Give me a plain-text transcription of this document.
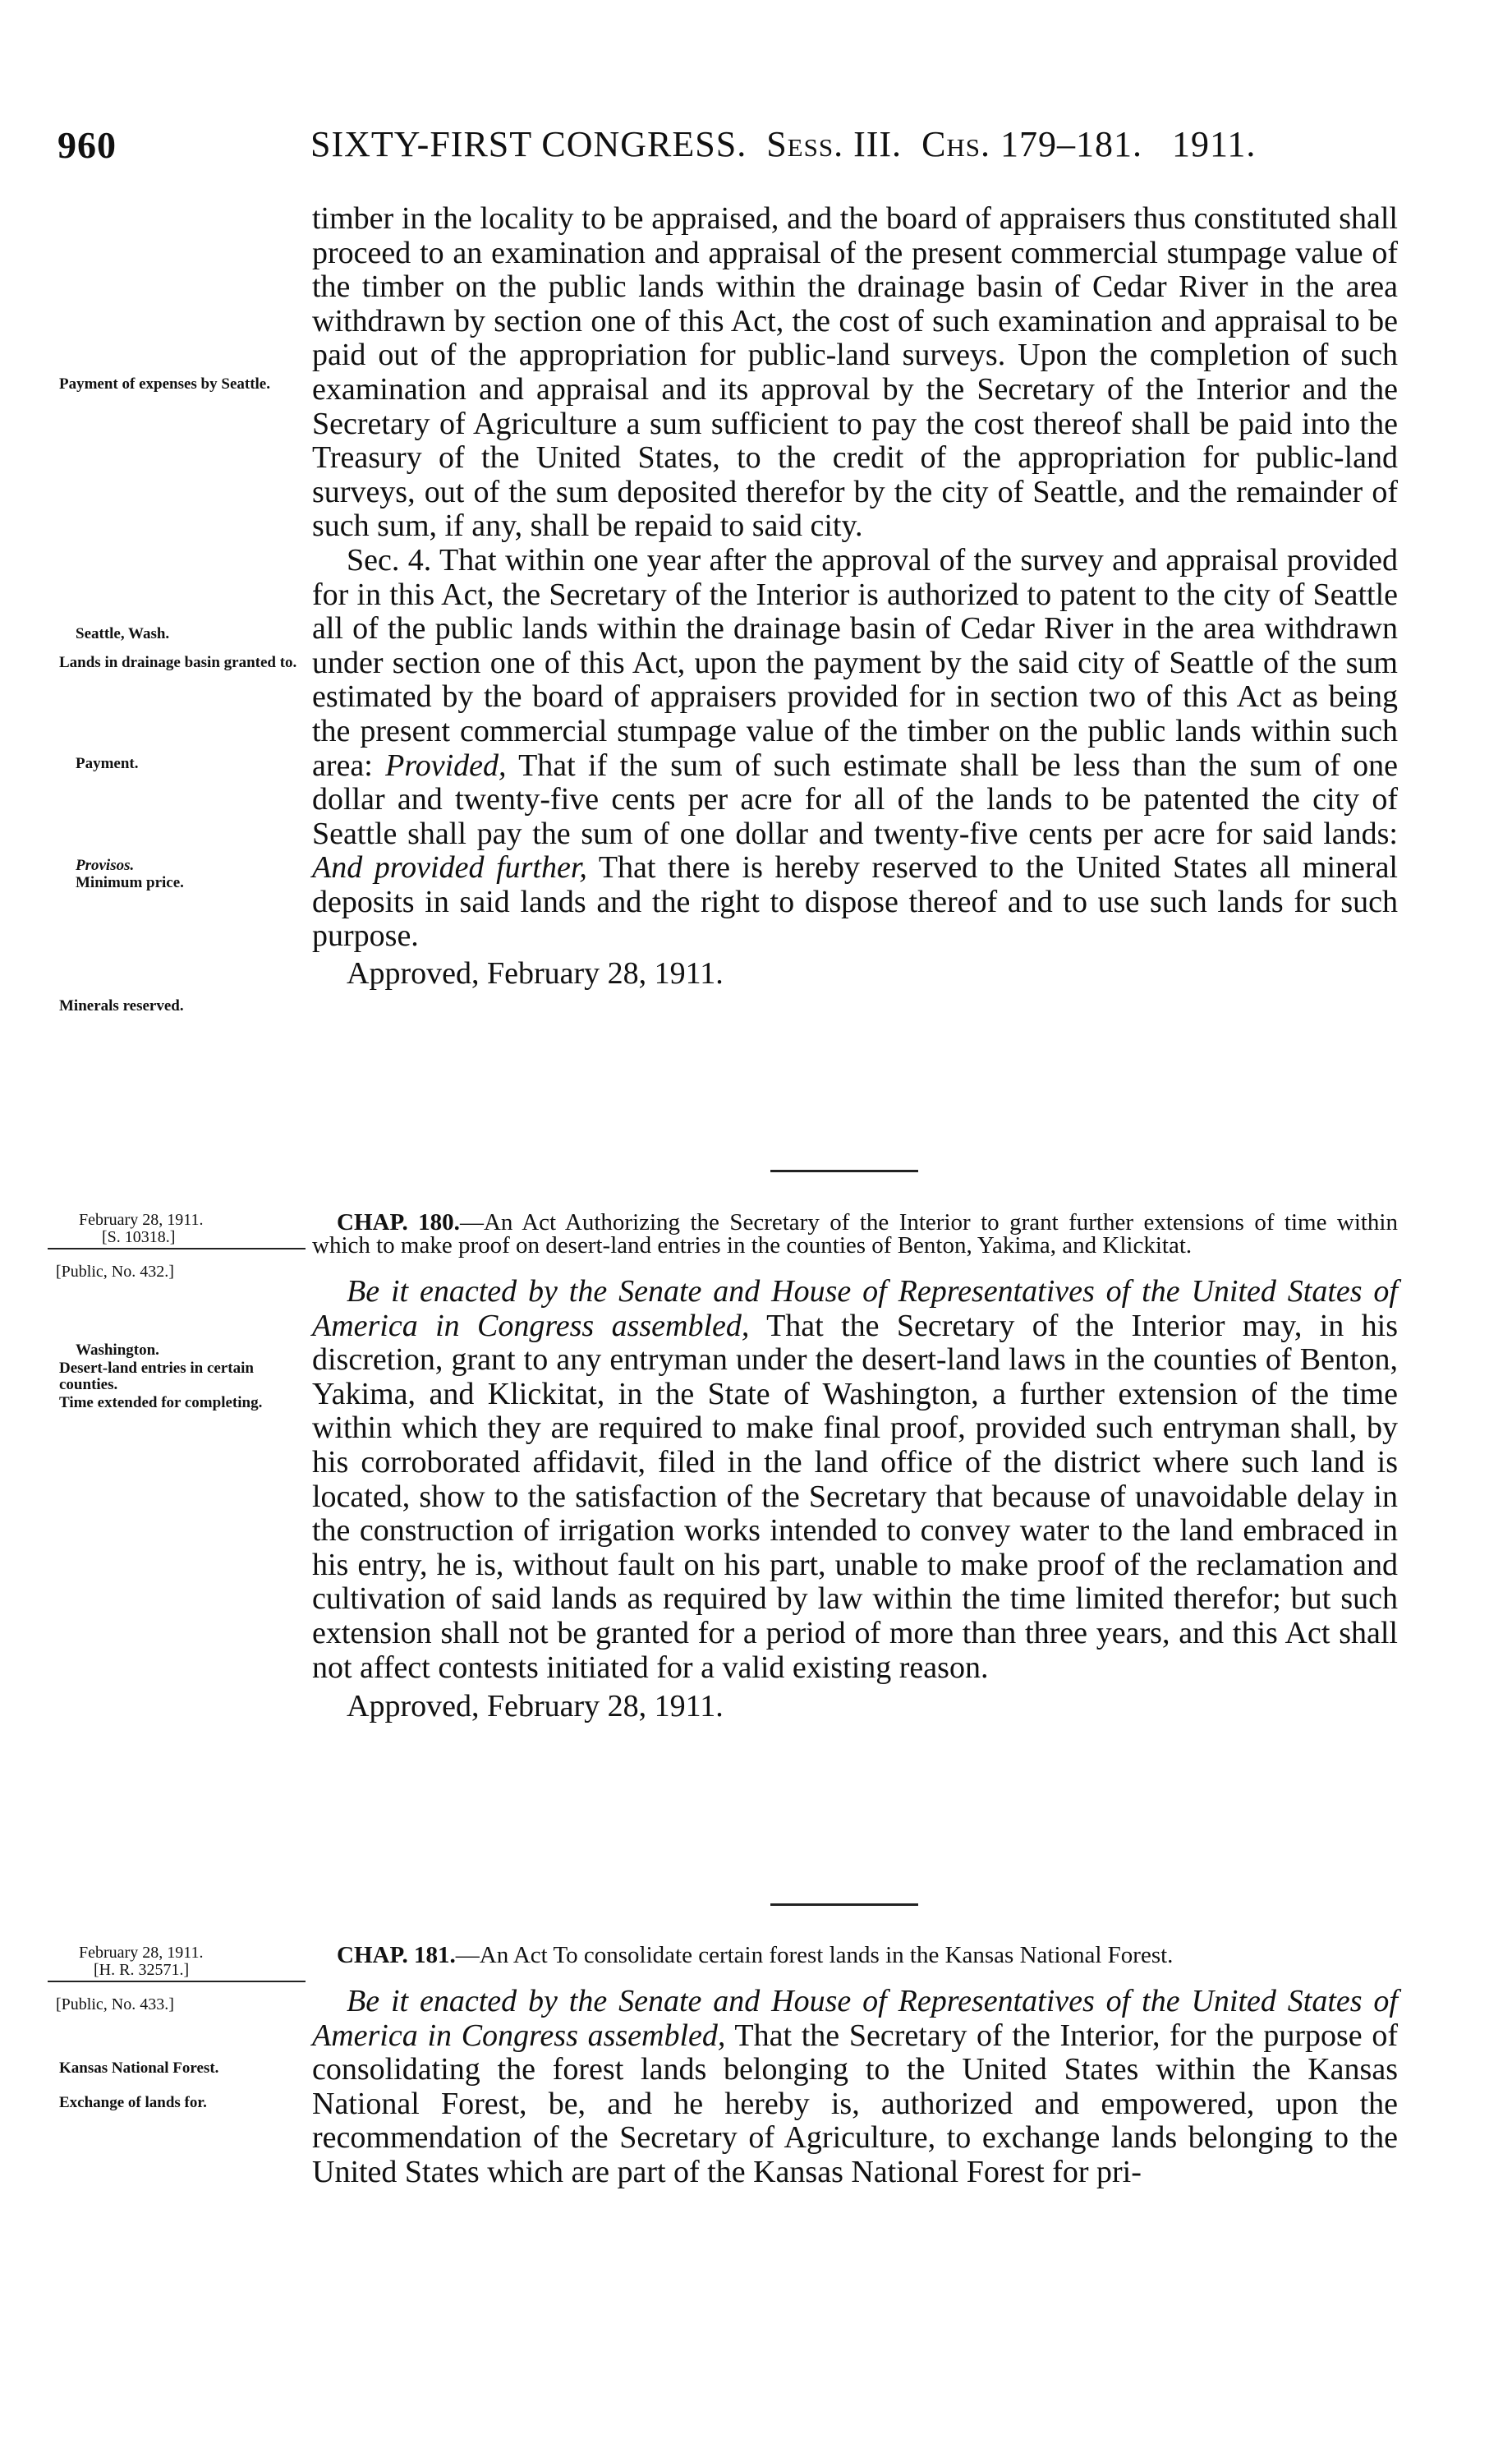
960	SIXTY-FIRST CONGRESS. Sess. III. Chs. 179–181. 1911.

timber in the locality to be appraised, and the board of appraisers thus constituted shall proceed to an examination and appraisal of the present commercial stumpage value of the timber on the public lands within the drainage basin of Cedar River in the area withdrawn by section one of this Act, the cost of such examination and appraisal to be paid out of the appropriation for public-land surveys. Upon the completion of such examination and appraisal and its approval by the Secretary of the Interior and the Secretary of Agriculture a sum sufficient to pay the cost thereof shall be paid into the Treasury of the United States, to the credit of the appropriation for public-land surveys, out of the sum deposited therefor by the city of Seattle, and the remainder of such sum, if any, shall be repaid to said city.

Sec. 4. That within one year after the approval of the survey and appraisal provided for in this Act, the Secretary of the Interior is authorized to patent to the city of Seattle all of the public lands within the drainage basin of Cedar River in the area withdrawn under section one of this Act, upon the payment by the said city of Seattle of the sum estimated by the board of appraisers provided for in section two of this Act as being the present commercial stumpage value of the timber on the public lands within such area: Provided, That if the sum of such estimate shall be less than the sum of one dollar and twenty-five cents per acre for all of the lands to be patented the city of Seattle shall pay the sum of one dollar and twenty-five cents per acre for said lands: And provided further, That there is hereby reserved to the United States all mineral deposits in said lands and the right to dispose thereof and to use such lands for such purpose.

Approved, February 28, 1911.

Payment of expenses by Seattle.
Seattle, Wash.
Lands in drainage basin granted to.
Payment.
Provisos.
Minimum price.
Minerals reserved.
February 28, 1911.
[S. 10318.]
[Public, No. 432.]

CHAP. 180.—An Act Authorizing the Secretary of the Interior to grant further extensions of time within which to make proof on desert-land entries in the counties of Benton, Yakima, and Klickitat.

Be it enacted by the Senate and House of Representatives of the United States of America in Congress assembled, That the Secretary of the Interior may, in his discretion, grant to any entryman under the desert-land laws in the counties of Benton, Yakima, and Klickitat, in the State of Washington, a further extension of the time within which they are required to make final proof, provided such entryman shall, by his corroborated affidavit, filed in the land office of the district where such land is located, show to the satisfaction of the Secretary that because of unavoidable delay in the construction of irrigation works intended to convey water to the land embraced in his entry, he is, without fault on his part, unable to make proof of the reclamation and cultivation of said lands as required by law within the time limited therefor; but such extension shall not be granted for a period of more than three years, and this Act shall not affect contests initiated for a valid existing reason.

Approved, February 28, 1911.

Washington.
Desert-land entries in certain counties.
Time extended for completing.
February 28, 1911.
[H. R. 32571.]
[Public, No. 433.]

CHAP. 181.—An Act To consolidate certain forest lands in the Kansas National Forest.

Be it enacted by the Senate and House of Representatives of the United States of America in Congress assembled, That the Secretary of the Interior, for the purpose of consolidating the forest lands belonging to the United States within the Kansas National Forest, be, and he hereby is, authorized and empowered, upon the recommendation of the Secretary of Agriculture, to exchange lands belonging to the United States which are part of the Kansas National Forest for pri-

Kansas National Forest.
Exchange of lands for.
